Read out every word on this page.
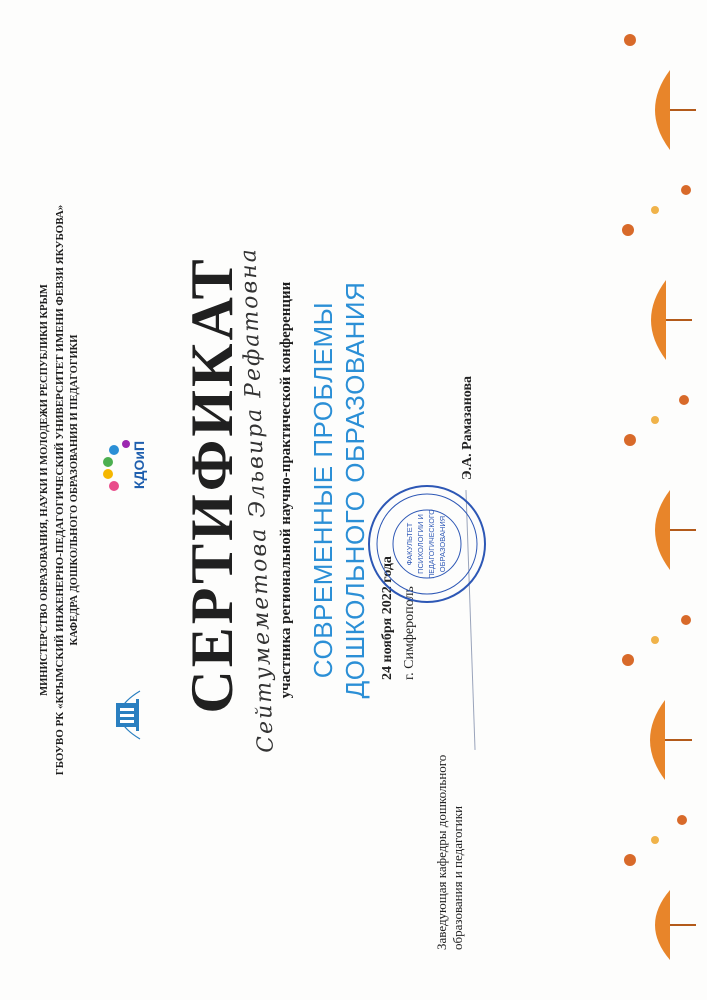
МИНИСТЕРСТВО ОБРАЗОВАНИЯ, НАУКИ И МОЛОДЕЖИ РЕСПУБЛИКИ КРЫМ ГБОУВО РК «КРЫМСКИЙ ИНЖЕНЕРНО-ПЕДАГОГИЧЕСКИЙ УНИВЕРСИТЕТ ИМЕНИ ФЕВЗИ ЯКУБОВА» КАФЕДРА ДОШКОЛЬНОГО ОБРАЗОВАНИЯ И ПЕДАГОГИКИ	КДОиП СЕРТИФИКАТ
Сейтумеметова Эльвира Рефатовна участника региональной научно-практической конференции СОВРЕМЕННЫЕ ПРОБЛЕМЫ ДОШКОЛЬНОГО ОБРАЗОВАНИЯ 24 ноября 2022 года г. Симферополь
Заведующая кафедры дошкольного образования и педагогики
Э.А. Рамазанова
ФАКУЛЬТЕТ ПСИХОЛОГИИ И ПЕДАГОГИЧЕСКОГО ОБРАЗОВАНИЯ
